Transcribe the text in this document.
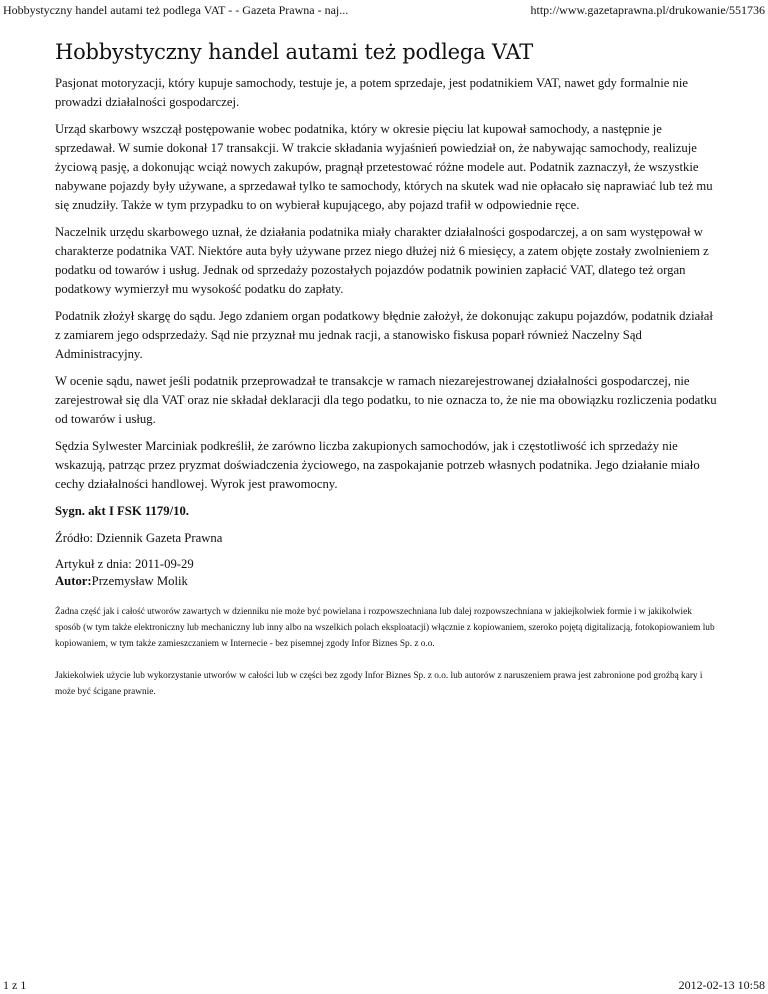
Hobbystyczny handel autami też podlega VAT - - Gazeta Prawna - naj...	http://www.gazetaprawna.pl/drukowanie/551736
Hobbystyczny handel autami też podlega VAT

Pasjonat motoryzacji, który kupuje samochody, testuje je, a potem sprzedaje, jest podatnikiem VAT, nawet gdy formalnie nie prowadzi działalności gospodarczej.

Urząd skarbowy wszczął postępowanie wobec podatnika, który w okresie pięciu lat kupował samochody, a następnie je sprzedawał. W sumie dokonał 17 transakcji. W trakcie składania wyjaśnień powiedział on, że nabywając samochody, realizuje życiową pasję, a dokonując wciąż nowych zakupów, pragnął przetestować różne modele aut. Podatnik zaznaczył, że wszystkie nabywane pojazdy były używane, a sprzedawał tylko te samochody, których na skutek wad nie opłacało się naprawiać lub też mu się znudziły. Także w tym przypadku to on wybierał kupującego, aby pojazd trafił w odpowiednie ręce.

Naczelnik urzędu skarbowego uznał, że działania podatnika miały charakter działalności gospodarczej, a on sam występował w charakterze podatnika VAT. Niektóre auta były używane przez niego dłużej niż 6 miesięcy, a zatem objęte zostały zwolnieniem z podatku od towarów i usług. Jednak od sprzedaży pozostałych pojazdów podatnik powinien zapłacić VAT, dlatego też organ podatkowy wymierzył mu wysokość podatku do zapłaty.

Podatnik złożył skargę do sądu. Jego zdaniem organ podatkowy błędnie założył, że dokonując zakupu pojazdów, podatnik działał z zamiarem jego odsprzedaży. Sąd nie przyznał mu jednak racji, a stanowisko fiskusa poparł również Naczelny Sąd Administracyjny.

W ocenie sądu, nawet jeśli podatnik przeprowadzał te transakcje w ramach niezarejestrowanej działalności gospodarczej, nie zarejestrował się dla VAT oraz nie składał deklaracji dla tego podatku, to nie oznacza to, że nie ma obowiązku rozliczenia podatku od towarów i usług.

Sędzia Sylwester Marciniak podkreślił, że zarówno liczba zakupionych samochodów, jak i częstotliwość ich sprzedaży nie wskazują, patrząc przez pryzmat doświadczenia życiowego, na zaspokajanie potrzeb własnych podatnika. Jego działanie miało cechy działalności handlowej. Wyrok jest prawomocny.

Sygn. akt I FSK 1179/10.

Źródło: Dziennik Gazeta Prawna

Artykuł z dnia: 2011-09-29
Autor:Przemysław Molik

Żadna część jak i całość utworów zawartych w dzienniku nie może być powielana i rozpowszechniana lub dalej rozpowszechniana w jakiejkolwiek formie i w jakikolwiek sposób (w tym także elektroniczny lub mechaniczny lub inny albo na wszelkich polach eksploatacji) włącznie z kopiowaniem, szeroko pojętą digitalizacją, fotokopiowaniem lub kopiowaniem, w tym także zamieszczaniem w Internecie - bez pisemnej zgody Infor Biznes Sp. z o.o.

Jakiekolwiek użycie lub wykorzystanie utworów w całości lub w części bez zgody Infor Biznes Sp. z o.o. lub autorów z naruszeniem prawa jest zabronione pod groźbą kary i może być ścigane prawnie.

1 z 1	2012-02-13 10:58
